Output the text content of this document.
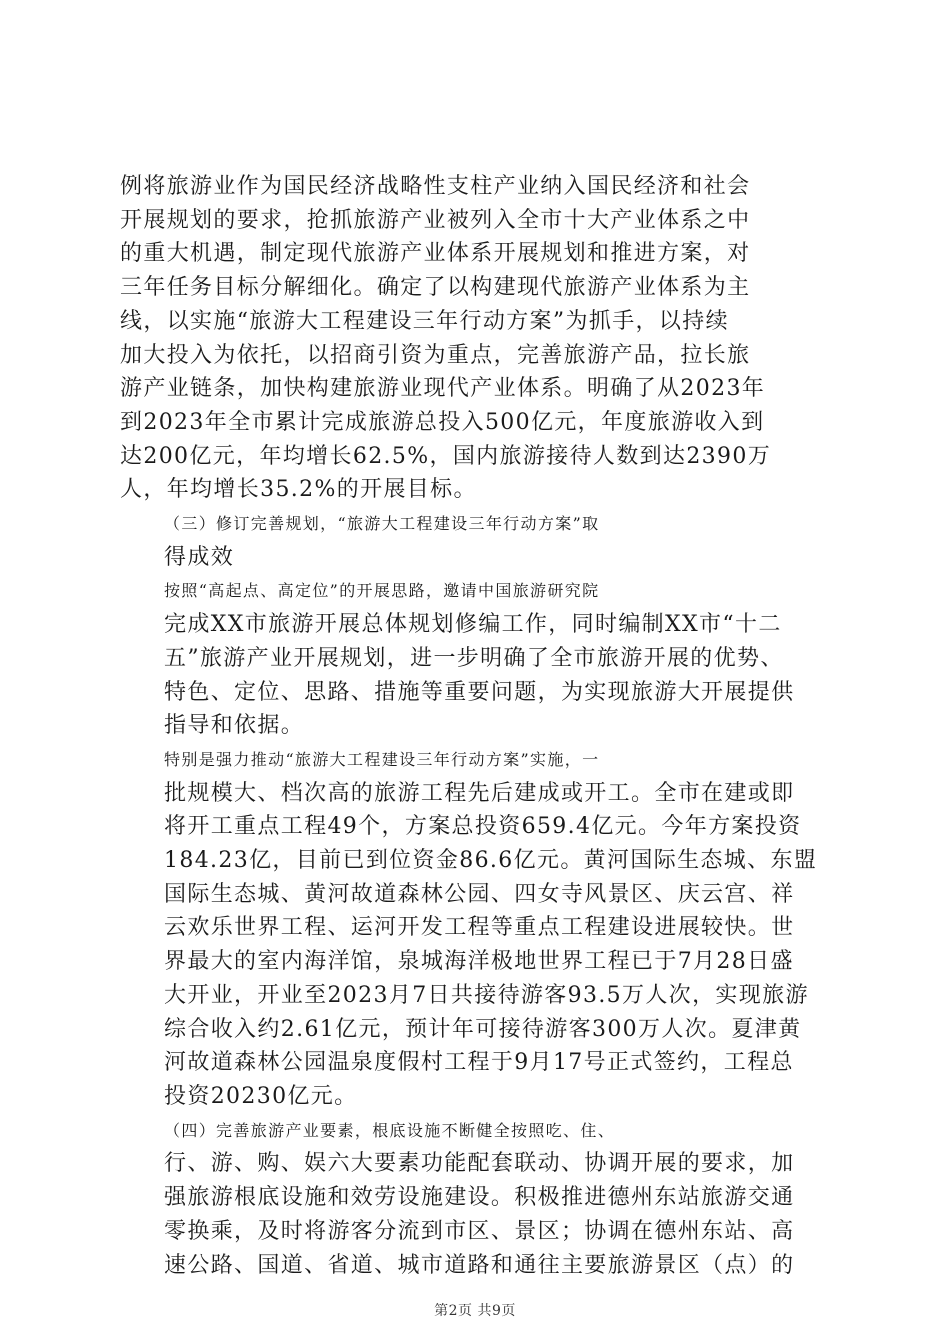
例将旅游业作为国民经济战略性支柱产业纳入国民经济和社会
开展规划的要求，抢抓旅游产业被列入全市十大产业体系之中
的重大机遇，制定现代旅游产业体系开展规划和推进方案，对
三年任务目标分解细化。确定了以构建现代旅游产业体系为主
线，以实施“旅游大工程建设三年行动方案”为抓手，以持续
加大投入为依托，以招商引资为重点，完善旅游产品，拉长旅
游产业链条，加快构建旅游业现代产业体系。明确了从2023年
到2023年全市累计完成旅游总投入500亿元，年度旅游收入到
达200亿元，年均增长62.5%，国内旅游接待人数到达2390万
人，年均增长35.2%的开展目标。

（三）修订完善规划，“旅游大工程建设三年行动方案”取
得成效

按照“高起点、高定位”的开展思路，邀请中国旅游研究院
完成XX市旅游开展总体规划修编工作，同时编制XX市“十二
五”旅游产业开展规划，进一步明确了全市旅游开展的优势、
特色、定位、思路、措施等重要问题，为实现旅游大开展提供
指导和依据。

特别是强力推动“旅游大工程建设三年行动方案”实施，一
批规模大、档次高的旅游工程先后建成或开工。全市在建或即
将开工重点工程49个，方案总投资659.4亿元。今年方案投资
184.23亿，目前已到位资金86.6亿元。黄河国际生态城、东盟
国际生态城、黄河故道森林公园、四女寺风景区、庆云宫、祥
云欢乐世界工程、运河开发工程等重点工程建设进展较快。世
界最大的室内海洋馆，泉城海洋极地世界工程已于7月28日盛
大开业，开业至2023月7日共接待游客93.5万人次，实现旅游
综合收入约2.61亿元，预计年可接待游客300万人次。夏津黄
河故道森林公园温泉度假村工程于9月17号正式签约，工程总
投资20230亿元。

（四）完善旅游产业要素，根底设施不断健全按照吃、住、
行、游、购、娱六大要素功能配套联动、协调开展的要求，加
强旅游根底设施和效劳设施建设。积极推进德州东站旅游交通
零换乘，及时将游客分流到市区、景区；协调在德州东站、高
速公路、国道、省道、城市道路和通往主要旅游景区（点）的

第2页 共9页
